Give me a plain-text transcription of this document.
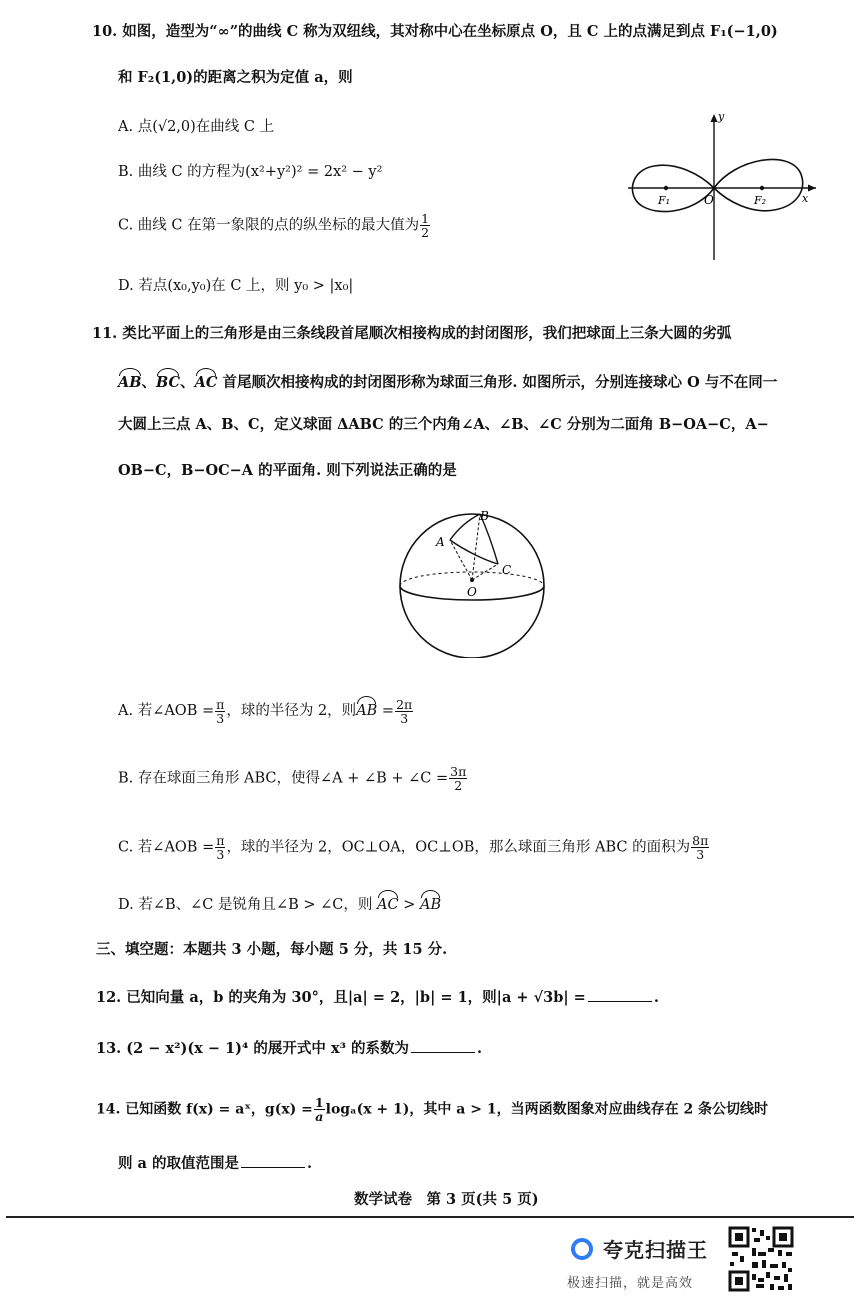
10. 如图，造型为“∞”的曲线 C 称为双纽线，其对称中心在坐标原点 O，且 C 上的点满足到点 F₁(−1,0)
和 F₂(1,0)的距离之积为定值 a，则
A. 点(√2,0)在曲线 C 上
B. 曲线 C 的方程为(x²+y²)² = 2x² − y²
C. 曲线 C 在第一象限的点的纵坐标的最大值为 $\frac{1}{2}$
D. 若点(x₀,y₀)在 C 上，则 y₀ > |x₀|
y
x
O
F₁	F₂
11. 类比平面上的三角形是由三条线段首尾顺次相接构成的封闭图形，我们把球面上三条大圆的劣弧
AB、BC、AC 首尾顺次相接构成的封闭图形称为球面三角形. 如图所示，分别连接球心 O 与不在同一
大圆上三点 A、B、C，定义球面 ΔABC 的三个内角∠A、∠B、∠C 分别为二面角 B−OA−C，A−
OB−C，B−OC−A 的平面角. 则下列说法正确的是
A
B
C
O
A. 若∠AOB = $\frac{\pi}{3}$ ，球的半径为 2，则AB = $\frac{2\pi}{3}$
B. 存在球面三角形 ABC，使得∠A + ∠B + ∠C = $\frac{3\pi}{2}$
C. 若∠AOB = $\frac{\pi}{3}$ ，球的半径为 2，OC⊥OA，OC⊥OB，那么球面三角形 ABC 的面积为 $\frac{8\pi}{3}$
D. 若∠B、∠C 是锐角且∠B > ∠C，则 AC > AB
三、填空题：本题共 3 小题，每小题 5 分，共 15 分.
12. 已知向量 a，b 的夹角为 30°，且|a| = 2，|b| = 1，则|a + √3b| =	.
13. (2 − x²)(x − 1)⁴ 的展开式中 x³ 的系数为	.
14. 已知函数 f(x) = aˣ，$g(x) = \frac{1}{a} \log_a(x + 1)$，其中 a > 1，当两函数图象对应曲线存在 2 条公切线时
则 a 的取值范围是	.
数学试卷　第 3 页(共 5 页)
夸克扫描王
极速扫描，就是高效
